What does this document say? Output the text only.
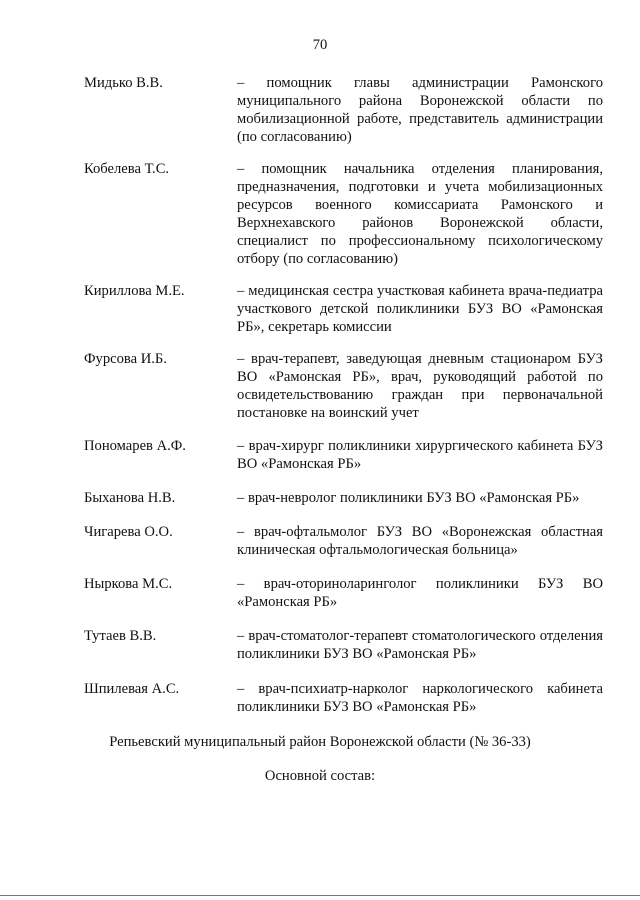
70
Мидько В.В.	– помощник главы администрации Рамонского муниципального района Воронежской области по мобилизационной работе, представитель администрации (по согласованию)
Кобелева Т.С.	– помощник начальника отделения планирования, предназначения, подготовки и учета мобилизационных ресурсов военного комиссариата Рамонского и Верхнехавского районов Воронежской области, специалист по профессиональному психологическому отбору (по согласованию)
Кириллова М.Е.	– медицинская сестра участковая кабинета врача-педиатра участкового детской поликлиники БУЗ ВО «Рамонская РБ», секретарь комиссии
Фурсова И.Б.	– врач-терапевт, заведующая дневным стационаром БУЗ ВО «Рамонская РБ», врач, руководящий работой по освидетельствованию граждан при первоначальной постановке на воинский учет
Пономарев А.Ф.	– врач-хирург поликлиники хирургического кабинета БУЗ ВО «Рамонская РБ»
Быханова Н.В.	– врач-невролог поликлиники БУЗ ВО «Рамонская РБ»
Чигарева О.О.	– врач-офтальмолог БУЗ ВО «Воронежская областная клиническая офтальмологическая больница»
Ныркова М.С.	– врач-оториноларинголог поликлиники БУЗ ВО «Рамонская РБ»
Тутаев В.В.	– врач-стоматолог-терапевт стоматологического отделения поликлиники БУЗ ВО «Рамонская РБ»
Шпилевая А.С.	– врач-психиатр-нарколог наркологического кабинета поликлиники БУЗ ВО «Рамонская РБ»
Репьевский муниципальный район Воронежской области (№ 36-33)
Основной состав:
